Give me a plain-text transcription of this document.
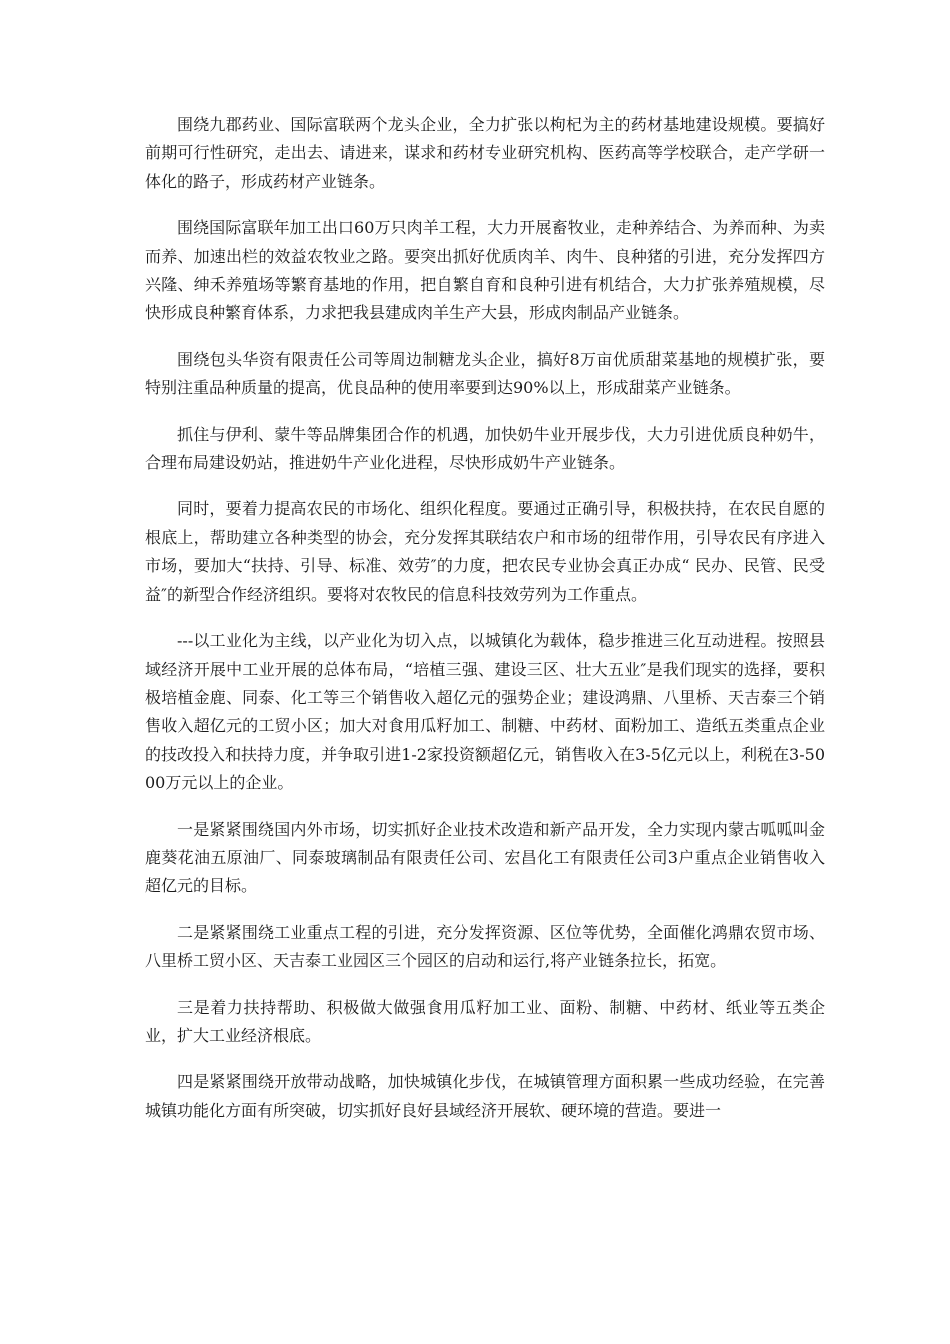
围绕九郡药业、国际富联两个龙头企业，全力扩张以枸杞为主的药材基地建设规模。要搞好前期可行性研究，走出去、请进来，谋求和药材专业研究机构、医药高等学校联合，走产学研一体化的路子，形成药材产业链条。

围绕国际富联年加工出口60万只肉羊工程，大力开展畜牧业，走种养结合、为养而种、为卖而养、加速出栏的效益农牧业之路。要突出抓好优质肉羊、肉牛、良种猪的引进，充分发挥四方兴隆、绅禾养殖场等繁育基地的作用，把自繁自育和良种引进有机结合，大力扩张养殖规模，尽快形成良种繁育体系，力求把我县建成肉羊生产大县，形成肉制品产业链条。

围绕包头华资有限责任公司等周边制糖龙头企业，搞好8万亩优质甜菜基地的规模扩张，要特别注重品种质量的提高，优良品种的使用率要到达90%以上，形成甜菜产业链条。

抓住与伊利、蒙牛等品牌集团合作的机遇，加快奶牛业开展步伐，大力引进优质良种奶牛，合理布局建设奶站，推进奶牛产业化进程，尽快形成奶牛产业链条。

同时，要着力提高农民的市场化、组织化程度。要通过正确引导，积极扶持，在农民自愿的根底上，帮助建立各种类型的协会，充分发挥其联结农户和市场的纽带作用，引导农民有序进入市场，要加大“扶持、引导、标准、效劳″的力度，把农民专业协会真正办成“ 民办、民管、民受益″的新型合作经济组织。要将对农牧民的信息科技效劳列为工作重点。

---以工业化为主线，以产业化为切入点，以城镇化为载体，稳步推进三化互动进程。按照县域经济开展中工业开展的总体布局，“培植三强、建设三区、壮大五业″是我们现实的选择，要积极培植金鹿、同泰、化工等三个销售收入超亿元的强势企业；建设鸿鼎、八里桥、天吉泰三个销售收入超亿元的工贸小区；加大对食用瓜籽加工、制糖、中药材、面粉加工、造纸五类重点企业的技改投入和扶持力度，并争取引进1-2家投资额超亿元，销售收入在3-5亿元以上，利税在3-5000万元以上的企业。

一是紧紧围绕国内外市场，切实抓好企业技术改造和新产品开发，全力实现内蒙古呱呱叫金鹿葵花油五原油厂、同泰玻璃制品有限责任公司、宏昌化工有限责任公司3户重点企业销售收入超亿元的目标。

二是紧紧围绕工业重点工程的引进，充分发挥资源、区位等优势，全面催化鸿鼎农贸市场、八里桥工贸小区、天吉泰工业园区三个园区的启动和运行,将产业链条拉长，拓宽。

三是着力扶持帮助、积极做大做强食用瓜籽加工业、面粉、制糖、中药材、纸业等五类企业，扩大工业经济根底。

四是紧紧围绕开放带动战略，加快城镇化步伐，在城镇管理方面积累一些成功经验，在完善城镇功能化方面有所突破，切实抓好良好县域经济开展软、硬环境的营造。要进一
